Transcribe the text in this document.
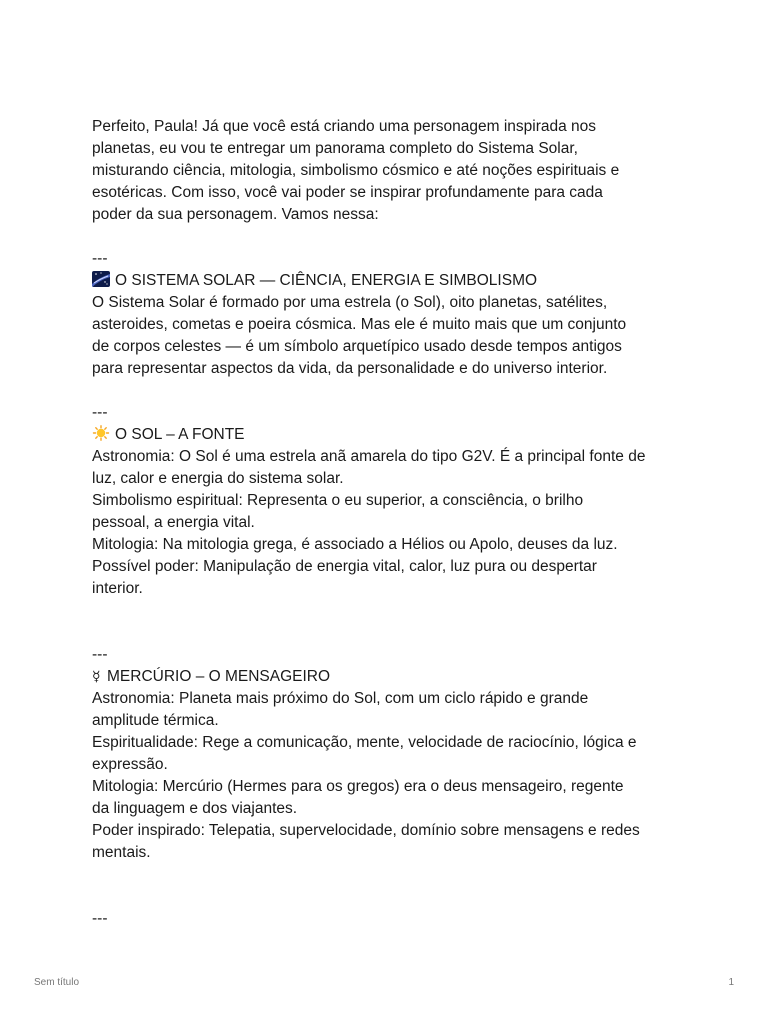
Perfeito, Paula! Já que você está criando uma personagem inspirada nos
planetas, eu vou te entregar um panorama completo do Sistema Solar,
misturando ciência, mitologia, simbolismo cósmico e até noções espirituais e
esotéricas. Com isso, você vai poder se inspirar profundamente para cada
poder da sua personagem. Vamos nessa:
---
O SISTEMA SOLAR — CIÊNCIA, ENERGIA E SIMBOLISMO
O Sistema Solar é formado por uma estrela (o Sol), oito planetas, satélites,
asteroides, cometas e poeira cósmica. Mas ele é muito mais que um conjunto
de corpos celestes — é um símbolo arquetípico usado desde tempos antigos
para representar aspectos da vida, da personalidade e do universo interior.
---
O SOL – A FONTE
Astronomia: O Sol é uma estrela anã amarela do tipo G2V. É a principal fonte de
luz, calor e energia do sistema solar.
Simbolismo espiritual: Representa o eu superior, a consciência, o brilho
pessoal, a energia vital.
Mitologia: Na mitologia grega, é associado a Hélios ou Apolo, deuses da luz.
Possível poder: Manipulação de energia vital, calor, luz pura ou despertar
interior.
---
☿ MERCÚRIO – O MENSAGEIRO
Astronomia: Planeta mais próximo do Sol, com um ciclo rápido e grande
amplitude térmica.
Espiritualidade: Rege a comunicação, mente, velocidade de raciocínio, lógica e
expressão.
Mitologia: Mercúrio (Hermes para os gregos) era o deus mensageiro, regente
da linguagem e dos viajantes.
Poder inspirado: Telepatia, supervelocidade, domínio sobre mensagens e redes
mentais.
---
Sem título	1
